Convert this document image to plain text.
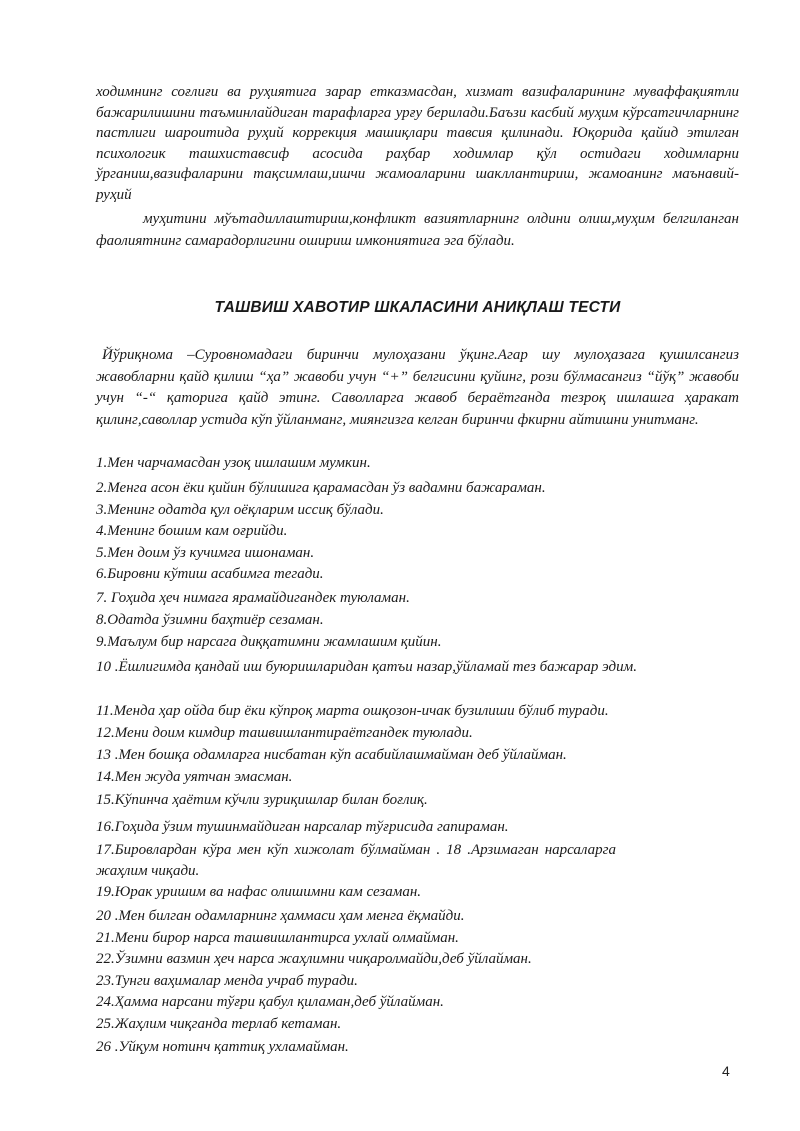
ходимнинг соғлиғи ва руҳиятига зарар етказмасдан, хизмат вазифаларининг муваффақиятли бажарилишини таъминлайдиган тарафларга урғу берилади.Баъзи касбий муҳим кўрсатгичларнинг пастлиги шароитида руҳий коррекция машиқлари тавсия қилинади. Юқорида қайид этилган психологик ташхиставсиф асосида раҳбар ходимлар қўл остидаги ходимларни ўрганиш,вазифаларини тақсимлаш,ишчи жамоаларини шакллантириш, жамоанинг маънавий-руҳий

муҳитини мўътадиллаштириш,конфликт вазиятларнинг олдини олиш,муҳим белгиланган фаолиятнинг самарадорлигини ошириш имкониятига эга бўлади.

ТАШВИШ ХАВОТИР ШКАЛАСИНИ АНИҚЛАШ ТЕСТИ

Йўриқнома –Суровномадаги биринчи мулоҳазани ўқинг.Агар шу мулоҳазага қушилсангиз жавобларни қайд қилиш “ҳа” жавоби учун “+” белгисини қуйинг, рози бўлмасангиз “йўқ” жавоби учун “-“ қаторига қайд этинг. Саволларга жавоб бераётганда тезроқ ишлашга ҳаракат қилинг,саволлар устида кўп ўйланманг, миянгизга келган биринчи фкирни айтишни унитманг.

1.Мен чарчамасдан узоқ ишлашим мумкин.

2.Менга асон ёки қийин бўлишига қарамасдан ўз вадамни бажараман.

3.Менинг одатда қул оёқларим иссиқ бўлади.

4.Менинг бошим кам оғрийди.

5.Мен доим ўз кучимга ишонаман.

6.Бировни кўтиш асабимга тегади.

7. Гоҳида ҳеч нимага ярамайдигандек туюламан.

8.Одатда ўзимни баҳтиёр сезаман.

9.Маълум бир нарсага диққатимни жамлашим қийин.

10 .Ёшлигимда қандай иш буюришларидан қатъи назар,ўйламай тез бажарар эдим.

11.Менда ҳар ойда бир ёки кўпроқ марта ошқозон-ичак бузилиши бўлиб туради.

12.Мени доим кимдир ташвишлантираётгандек туюлади.

13 .Мен бошқа одамларга нисбатан кўп асабийлашмайман деб ўйлайман.

14.Мен жуда уятчан эмасман.

15.Кўпинча ҳаётим кўчли зуриқишлар билан боғлиқ.

16.Гоҳида ўзим тушинмайдиган нарсалар тўғрисида гапираман.

17.Бировлардан кўра мен кўп хижолат бўлмайман . 18 .Арзимаган нарсаларга жаҳлим чиқади.

19.Юрак уришим ва нафас олишимни кам сезаман.

20 .Мен билган одамларнинг ҳаммаси ҳам менга ёқмайди.

21.Мени бирор нарса ташвишлантирса ухлай олмайман.

22.Ўзимни вазмин ҳеч нарса жаҳлимни чиқаролмайди,деб ўйлайман.

23.Тунги ваҳималар менда учраб туради.

24.Ҳамма нарсани тўғри қабул қиламан,деб ўйлайман.

25.Жаҳлим чиқганда терлаб кетаман.

26 .Уйқум нотинч қаттиқ ухламайман.

4
